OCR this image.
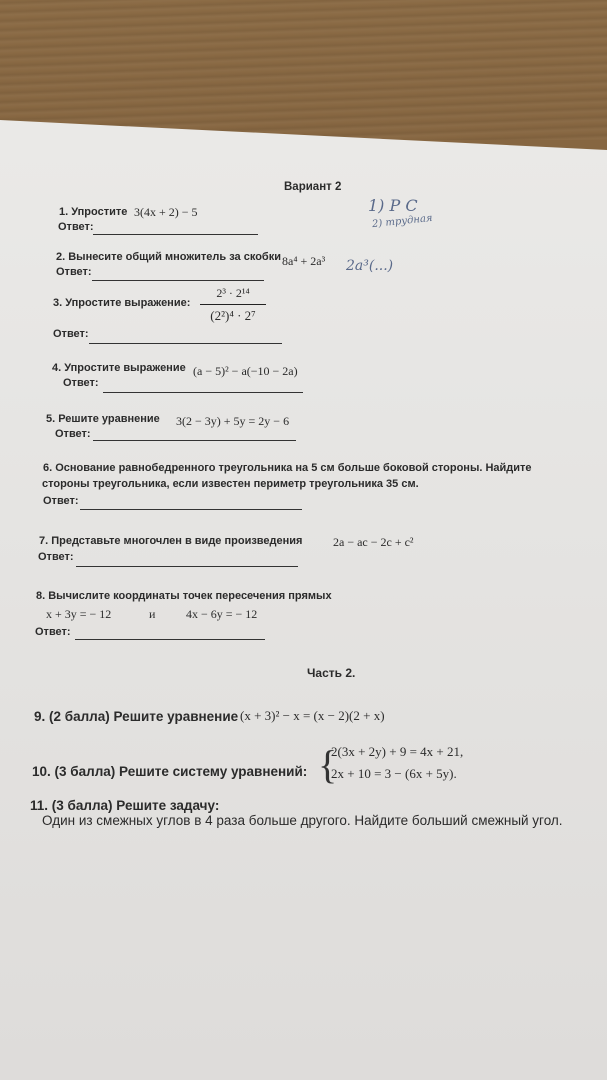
Вариант 2
1) P C
2) трудная
2a³(...)
1. Упростите 3(4x + 2) − 5
Ответ:
2. Вынесите общий множитель за скобки 8a⁴ + 2a³
Ответ:
3. Упростите выражение:
2³ · 2¹⁴
(2²)⁴ · 2⁷
Ответ:
4. Упростите выражение (a − 5)² − a(−10 − 2a)
Ответ:
5. Решите уравнение 3(2 − 3y) + 5y = 2y − 6
Ответ:
6. Основание равнобедренного треугольника на 5 см больше боковой стороны. Найдите
стороны треугольника, если известен периметр треугольника 35 см.
Ответ:
7. Представьте многочлен в виде произведения	2a − ac − 2c + c²
Ответ:
8. Вычислите координаты точек пересечения прямых
x + 3y = − 12	и	4x − 6y = − 12
Ответ:
Часть 2.
9. (2 балла) Решите уравнение (x + 3)² − x = (x − 2)(2 + x)
10. (3 балла) Решите систему уравнений: {
2(3x + 2y) + 9 = 4x + 21,
2x + 10 = 3 − (6x + 5y).
11. (3 балла) Решите задачу:
Один из смежных углов в 4 раза больше другого. Найдите больший смежный угол.
